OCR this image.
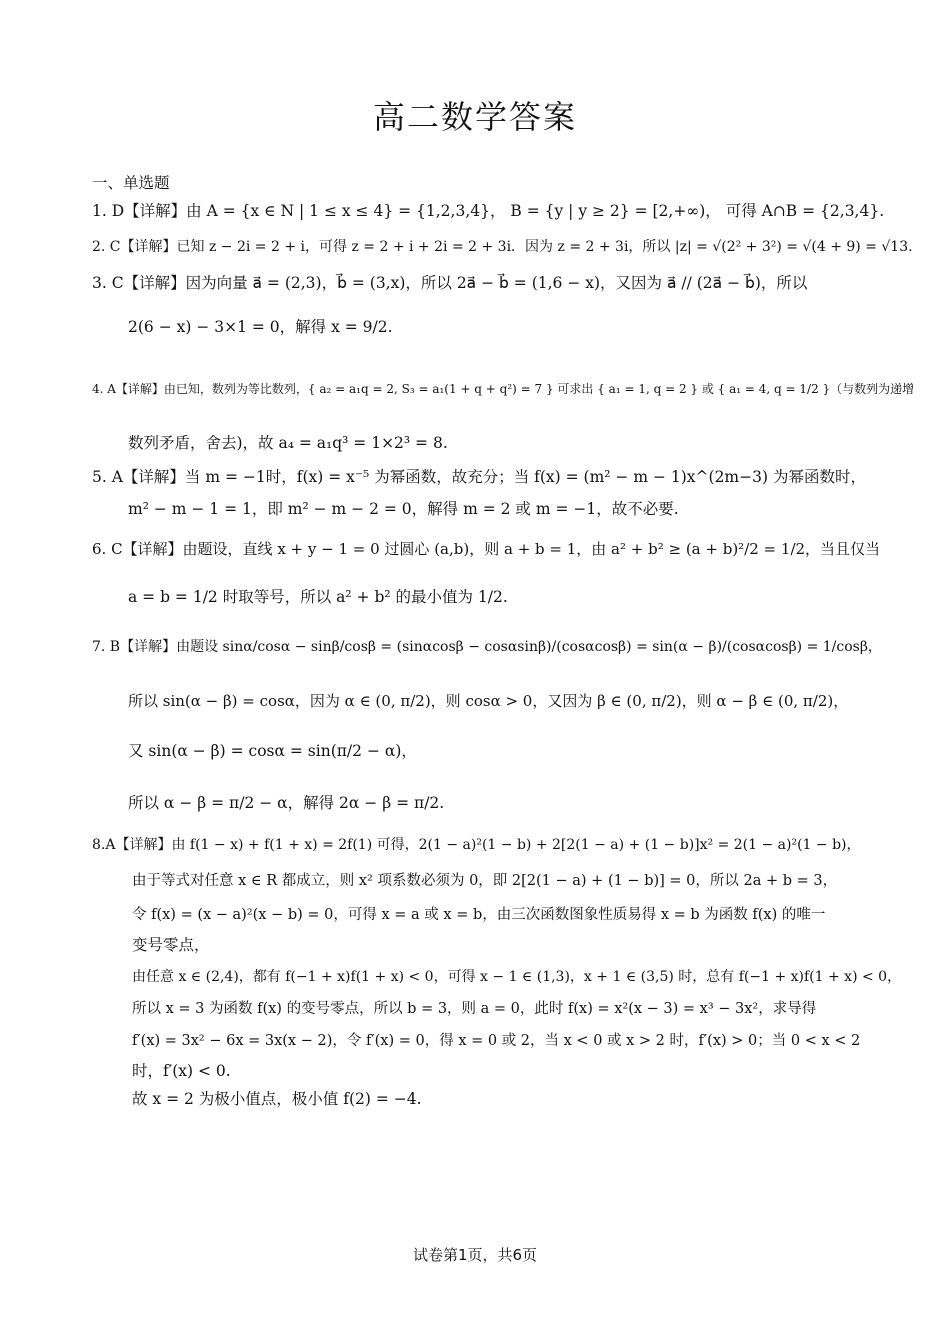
高二数学答案
一、单选题
1. D【详解】由 A = {x ∈ N | 1 ≤ x ≤ 4} = {1,2,3,4}， B = {y | y ≥ 2} = [2,+∞)， 可得 A∩B = {2,3,4}.
2. C【详解】已知 z − 2i = 2 + i，可得 z = 2 + i + 2i = 2 + 3i．因为 z = 2 + 3i，所以 |z| = √(2² + 3²) = √(4 + 9) = √13.
3. C【详解】因为向量 a⃗ = (2,3)，b⃗ = (3,x)，所以 2a⃗ − b⃗ = (1,6 − x)，又因为 a⃗ // (2a⃗ − b⃗)，所以
2(6 − x) − 3×1 = 0，解得 x = 9/2.
4. A【详解】由已知，数列为等比数列，{ a₂ = a₁q = 2, S₃ = a₁(1 + q + q²) = 7 } 可求出 { a₁ = 1, q = 2 } 或 { a₁ = 4, q = 1/2 }（与数列为递增
数列矛盾，舍去)，故 a₄ = a₁q³ = 1×2³ = 8.
5. A【详解】当 m = −1时，f(x) = x⁻⁵ 为幂函数，故充分；当 f(x) = (m² − m − 1)x^(2m−3) 为幂函数时，
m² − m − 1 = 1，即 m² − m − 2 = 0，解得 m = 2 或 m = −1，故不必要.
6. C【详解】由题设，直线 x + y − 1 = 0 过圆心 (a,b)，则 a + b = 1，由 a² + b² ≥ (a + b)²/2 = 1/2，当且仅当
a = b = 1/2 时取等号，所以 a² + b² 的最小值为 1/2.
7. B【详解】由题设 sinα/cosα − sinβ/cosβ = (sinαcosβ − cosαsinβ)/(cosαcosβ) = sin(α − β)/(cosαcosβ) = 1/cosβ，
所以 sin(α − β) = cosα，因为 α ∈ (0, π/2)，则 cosα > 0，又因为 β ∈ (0, π/2)，则 α − β ∈ (0, π/2)，
又 sin(α − β) = cosα = sin(π/2 − α)，
所以 α − β = π/2 − α，解得 2α − β = π/2.
8.A【详解】由 f(1 − x) + f(1 + x) = 2f(1) 可得，2(1 − a)²(1 − b) + 2[2(1 − a) + (1 − b)]x² = 2(1 − a)²(1 − b)，
由于等式对任意 x ∈ R 都成立，则 x² 项系数必须为 0，即 2[2(1 − a) + (1 − b)] = 0，所以 2a + b = 3，
令 f(x) = (x − a)²(x − b) = 0，可得 x = a 或 x = b，由三次函数图象性质易得 x = b 为函数 f(x) 的唯一
变号零点，
由任意 x ∈ (2,4)，都有 f(−1 + x)f(1 + x) < 0，可得 x − 1 ∈ (1,3)，x + 1 ∈ (3,5) 时，总有 f(−1 + x)f(1 + x) < 0，
所以 x = 3 为函数 f(x) 的变号零点，所以 b = 3，则 a = 0，此时 f(x) = x²(x − 3) = x³ − 3x²，求导得
f′(x) = 3x² − 6x = 3x(x − 2)，令 f′(x) = 0，得 x = 0 或 2，当 x < 0 或 x > 2 时，f′(x) > 0；当 0 < x < 2
时，f′(x) < 0.
故 x = 2 为极小值点，极小值 f(2) = −4.
试卷第1页，共6页
